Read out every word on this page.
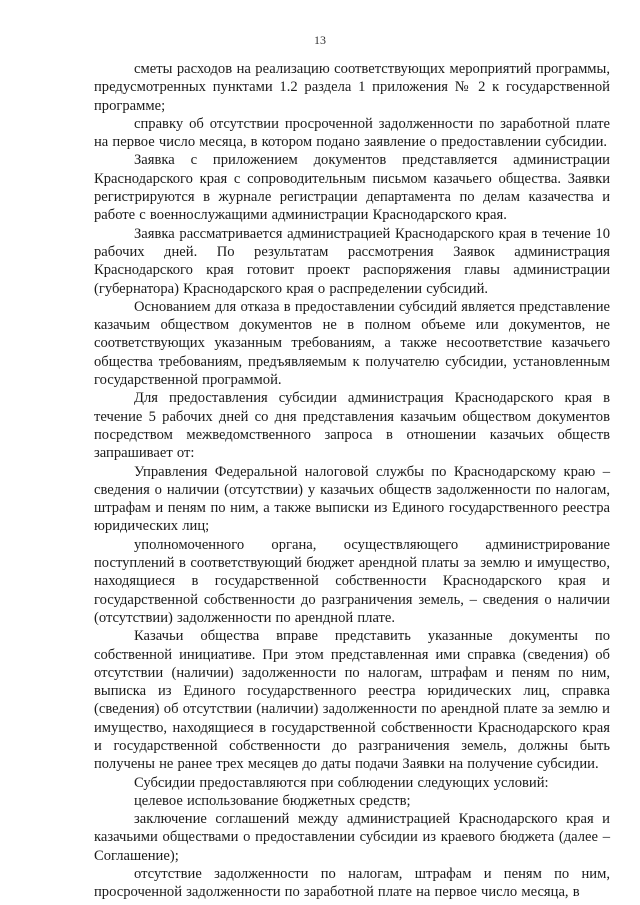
13

сметы расходов на реализацию соответствующих мероприятий программы, предусмотренных пунктами 1.2 раздела 1 приложения № 2 к государственной программе;

справку об отсутствии просроченной задолженности по заработной плате на первое число месяца, в котором подано заявление о предоставлении субсидии.

Заявка с приложением документов представляется администрации Краснодарского края с сопроводительным письмом казачьего общества. Заявки регистрируются в журнале регистрации департамента по делам казачества и работе с военнослужащими администрации Краснодарского края.

Заявка рассматривается администрацией Краснодарского края в течение 10 рабочих дней. По результатам рассмотрения Заявок администрация Краснодарского края готовит проект распоряжения главы администрации (губернатора) Краснодарского края о распределении субсидий.

Основанием для отказа в предоставлении субсидий является представление казачьим обществом документов не в полном объеме или документов, не соответствующих указанным требованиям, а также несоответствие казачьего общества требованиям, предъявляемым к получателю субсидии, установленным государственной программой.

Для предоставления субсидии администрация Краснодарского края в течение 5 рабочих дней со дня представления казачьим обществом документов посредством межведомственного запроса в отношении казачьих обществ запрашивает от:

Управления Федеральной налоговой службы по Краснодарскому краю – сведения о наличии (отсутствии) у казачьих обществ задолженности по налогам, штрафам и пеням по ним, а также выписки из Единого государственного реестра юридических лиц;

уполномоченного органа, осуществляющего администрирование поступлений в соответствующий бюджет арендной платы за землю и имущество, находящиеся в государственной собственности Краснодарского края и государственной собственности до разграничения земель, – сведения о наличии (отсутствии) задолженности по арендной плате.

Казачьи общества вправе представить указанные документы по собственной инициативе. При этом представленная ими справка (сведения) об отсутствии (наличии) задолженности по налогам, штрафам и пеням по ним, выписка из Единого государственного реестра юридических лиц, справка (сведения) об отсутствии (наличии) задолженности по арендной плате за землю и имущество, находящиеся в государственной собственности Краснодарского края и государственной собственности до разграничения земель, должны быть получены не ранее трех месяцев до даты подачи Заявки на получение субсидии.

Субсидии предоставляются при соблюдении следующих условий:

целевое использование бюджетных средств;

заключение соглашений между администрацией Краснодарского края и казачьими обществами о предоставлении субсидии из краевого бюджета (далее – Соглашение);

отсутствие задолженности по налогам, штрафам и пеням по ним, просроченной задолженности по заработной плате на первое число месяца, в
